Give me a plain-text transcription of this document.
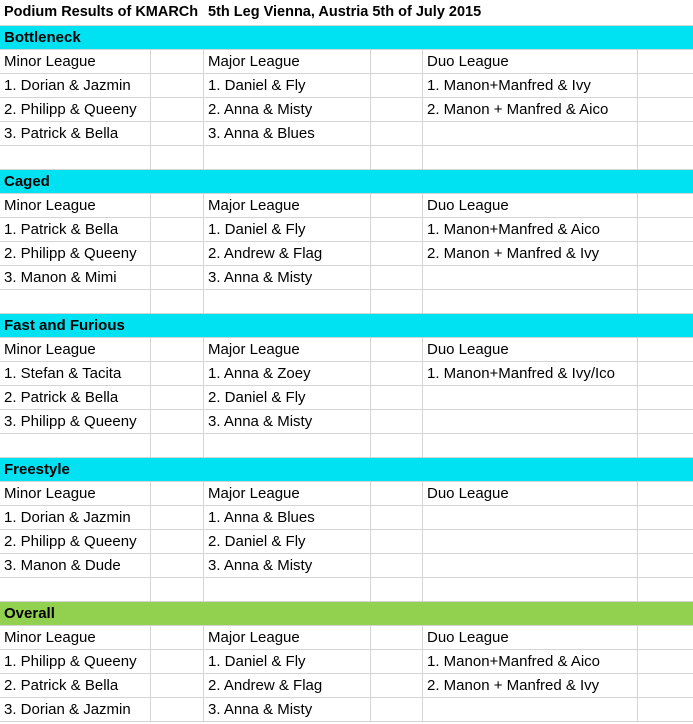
Podium Results of KMARCh 5th Leg Vienna, Austria 5th of July 2015
Bottleneck
Minor League	Major League	Duo League
1. Dorian & Jazmin	1. Daniel & Fly	1. Manon+Manfred & Ivy
2. Philipp & Queeny	2. Anna & Misty	2. Manon + Manfred & Aico
3. Patrick & Bella	3. Anna & Blues
Caged
Minor League	Major League	Duo League
1. Patrick & Bella	1. Daniel & Fly	1. Manon+Manfred & Aico
2. Philipp & Queeny	2. Andrew & Flag	2. Manon + Manfred & Ivy
3. Manon & Mimi	3. Anna & Misty
Fast and Furious
Minor League	Major League	Duo League
1. Stefan & Tacita	1. Anna & Zoey	1. Manon+Manfred & Ivy/Ico
2. Patrick & Bella	2. Daniel & Fly
3. Philipp & Queeny	3. Anna & Misty
Freestyle
Minor League	Major League	Duo League
1. Dorian & Jazmin	1. Anna & Blues
2. Philipp & Queeny	2. Daniel & Fly
3. Manon & Dude	3. Anna & Misty
Overall
Minor League	Major League	Duo League
1. Philipp & Queeny	1. Daniel & Fly	1. Manon+Manfred & Aico
2. Patrick & Bella	2. Andrew & Flag	2. Manon + Manfred & Ivy
3. Dorian & Jazmin	3. Anna & Misty
